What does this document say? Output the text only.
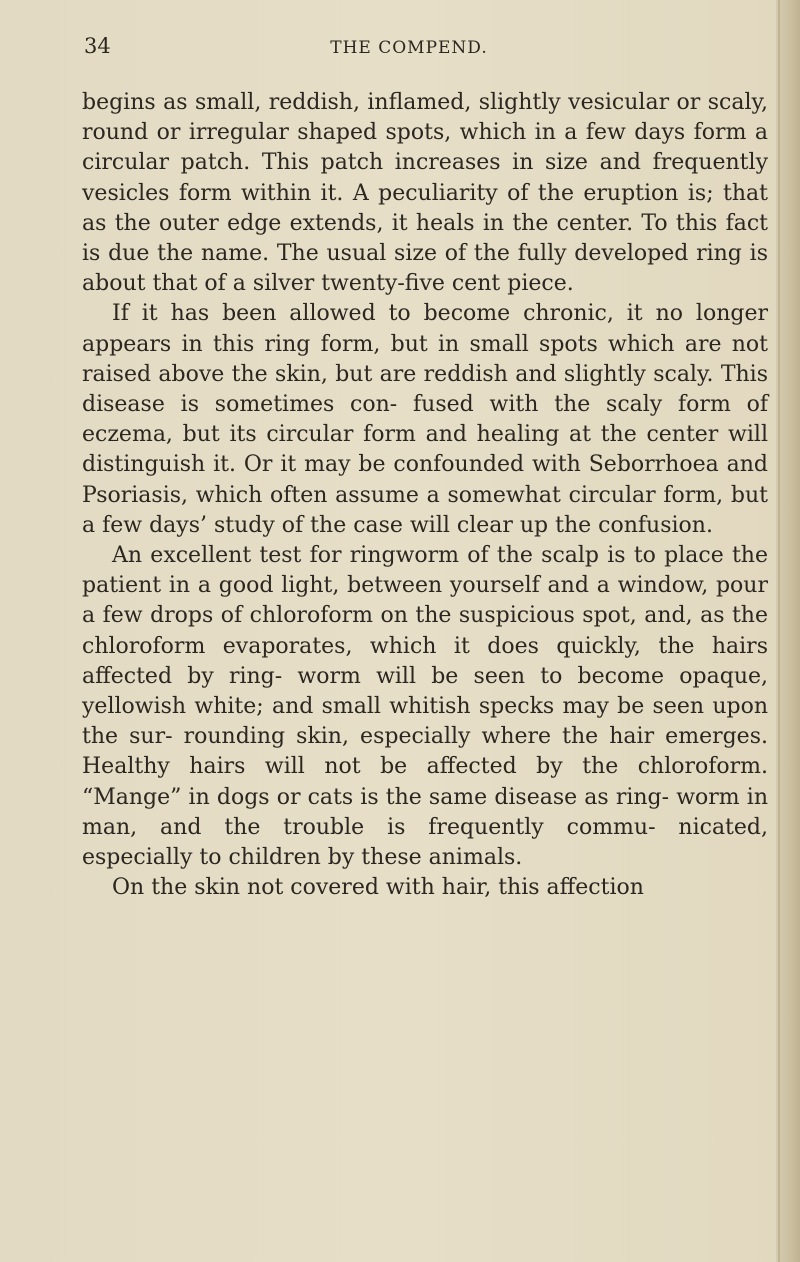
34	THE COMPEND.

begins as small, reddish, inflamed, slightly vesicular or scaly, round or irregular shaped spots, which in a few days form a circular patch. This patch increases in size and frequently vesicles form within it. A peculiarity of the eruption is; that as the outer edge extends, it heals in the center. To this fact is due the name. The usual size of the fully developed ring is about that of a silver twenty-five cent piece.

If it has been allowed to become chronic, it no longer appears in this ring form, but in small spots which are not raised above the skin, but are reddish and slightly scaly. This disease is sometimes con- fused with the scaly form of eczema, but its circular form and healing at the center will distinguish it. Or it may be confounded with Seborrhoea and Psoriasis, which often assume a somewhat circular form, but a few days’ study of the case will clear up the confusion.

An excellent test for ringworm of the scalp is to place the patient in a good light, between yourself and a window, pour a few drops of chloroform on the suspicious spot, and, as the chloroform evaporates, which it does quickly, the hairs affected by ring- worm will be seen to become opaque, yellowish white; and small whitish specks may be seen upon the sur- rounding skin, especially where the hair emerges. Healthy hairs will not be affected by the chloroform. “Mange” in dogs or cats is the same disease as ring- worm in man, and the trouble is frequently commu- nicated, especially to children by these animals.

On the skin not covered with hair, this affection
